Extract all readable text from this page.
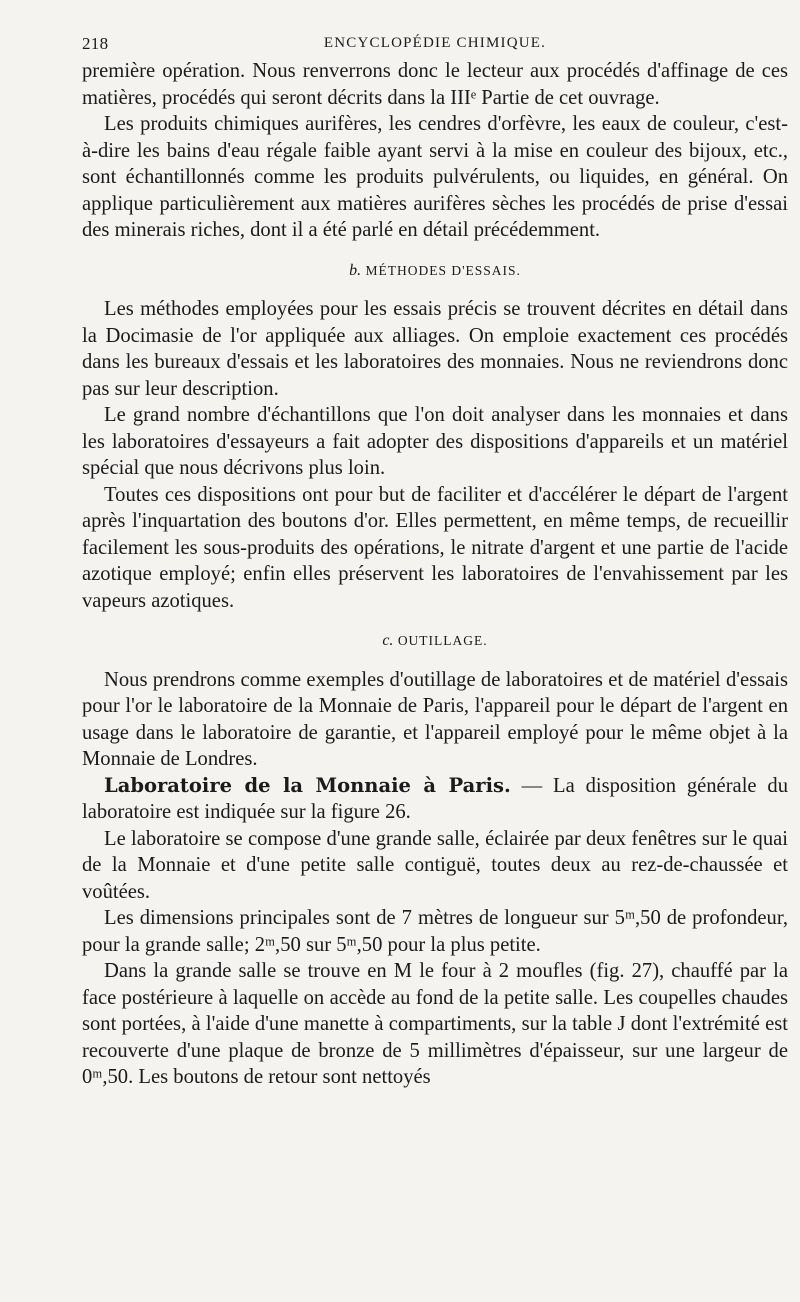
218	ENCYCLOPÉDIE CHIMIQUE.

première opération. Nous renverrons donc le lecteur aux procédés d'affinage de ces matières, procédés qui seront décrits dans la IIIᵉ Partie de cet ouvrage.

Les produits chimiques aurifères, les cendres d'orfèvre, les eaux de couleur, c'est-à-dire les bains d'eau régale faible ayant servi à la mise en couleur des bijoux, etc., sont échantillonnés comme les produits pulvérulents, ou liquides, en général. On applique particulièrement aux matières aurifères sèches les procédés de prise d'essai des minerais riches, dont il a été parlé en détail précédemment.

b. MÉTHODES D'ESSAIS.

Les méthodes employées pour les essais précis se trouvent décrites en détail dans la Docimasie de l'or appliquée aux alliages. On emploie exactement ces procédés dans les bureaux d'essais et les laboratoires des monnaies. Nous ne reviendrons donc pas sur leur description.

Le grand nombre d'échantillons que l'on doit analyser dans les monnaies et dans les laboratoires d'essayeurs a fait adopter des dispositions d'appareils et un matériel spécial que nous décrivons plus loin.

Toutes ces dispositions ont pour but de faciliter et d'accélérer le départ de l'argent après l'inquartation des boutons d'or. Elles permettent, en même temps, de recueillir facilement les sous-produits des opérations, le nitrate d'argent et une partie de l'acide azotique employé; enfin elles préservent les laboratoires de l'envahissement par les vapeurs azotiques.

c. OUTILLAGE.

Nous prendrons comme exemples d'outillage de laboratoires et de matériel d'essais pour l'or le laboratoire de la Monnaie de Paris, l'appareil pour le départ de l'argent en usage dans le laboratoire de garantie, et l'appareil employé pour le même objet à la Monnaie de Londres.

Laboratoire de la Monnaie à Paris. — La disposition générale du laboratoire est indiquée sur la figure 26.

Le laboratoire se compose d'une grande salle, éclairée par deux fenêtres sur le quai de la Monnaie et d'une petite salle contiguë, toutes deux au rez-de-chaussée et voûtées.

Les dimensions principales sont de 7 mètres de longueur sur 5ᵐ,50 de profondeur, pour la grande salle; 2ᵐ,50 sur 5ᵐ,50 pour la plus petite.

Dans la grande salle se trouve en M le four à 2 moufles (fig. 27), chauffé par la face postérieure à laquelle on accède au fond de la petite salle. Les coupelles chaudes sont portées, à l'aide d'une manette à compartiments, sur la table J dont l'extrémité est recouverte d'une plaque de bronze de 5 millimètres d'épaisseur, sur une largeur de 0ᵐ,50. Les boutons de retour sont nettoyés
